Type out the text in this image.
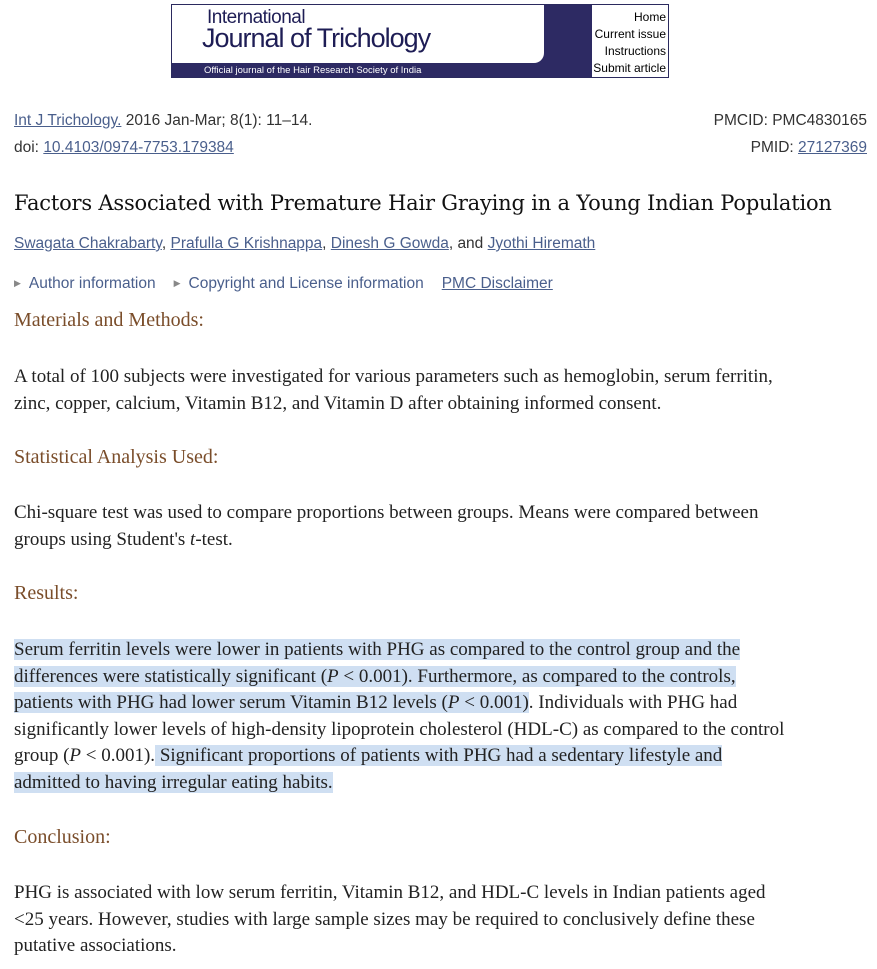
International
Journal of Trichology
Official journal of the Hair Research Society of India
Home
Current issue
Instructions
Submit article
Int J Trichology. 2016 Jan-Mar; 8(1): 11–14.
doi: 10.4103/0974-7753.179384
PMCID: PMC4830165
PMID: 27127369
Factors Associated with Premature Hair Graying in a Young Indian Population
Swagata Chakrabarty, Prafulla G Krishnappa, Dinesh G Gowda, and Jyothi Hiremath
▶ Author information ▶ Copyright and License information PMC Disclaimer
Materials and Methods:
A total of 100 subjects were investigated for various parameters such as hemoglobin, serum ferritin,
zinc, copper, calcium, Vitamin B12, and Vitamin D after obtaining informed consent.
Statistical Analysis Used:
Chi-square test was used to compare proportions between groups. Means were compared between
groups using Student's t-test.
Results:
Serum ferritin levels were lower in patients with PHG as compared to the control group and the
differences were statistically significant (P < 0.001). Furthermore, as compared to the controls,
patients with PHG had lower serum Vitamin B12 levels (P < 0.001). Individuals with PHG had
significantly lower levels of high-density lipoprotein cholesterol (HDL-C) as compared to the control
group (P < 0.001). Significant proportions of patients with PHG had a sedentary lifestyle and
admitted to having irregular eating habits.
Conclusion:
PHG is associated with low serum ferritin, Vitamin B12, and HDL-C levels in Indian patients aged
<25 years. However, studies with large sample sizes may be required to conclusively define these
putative associations.
